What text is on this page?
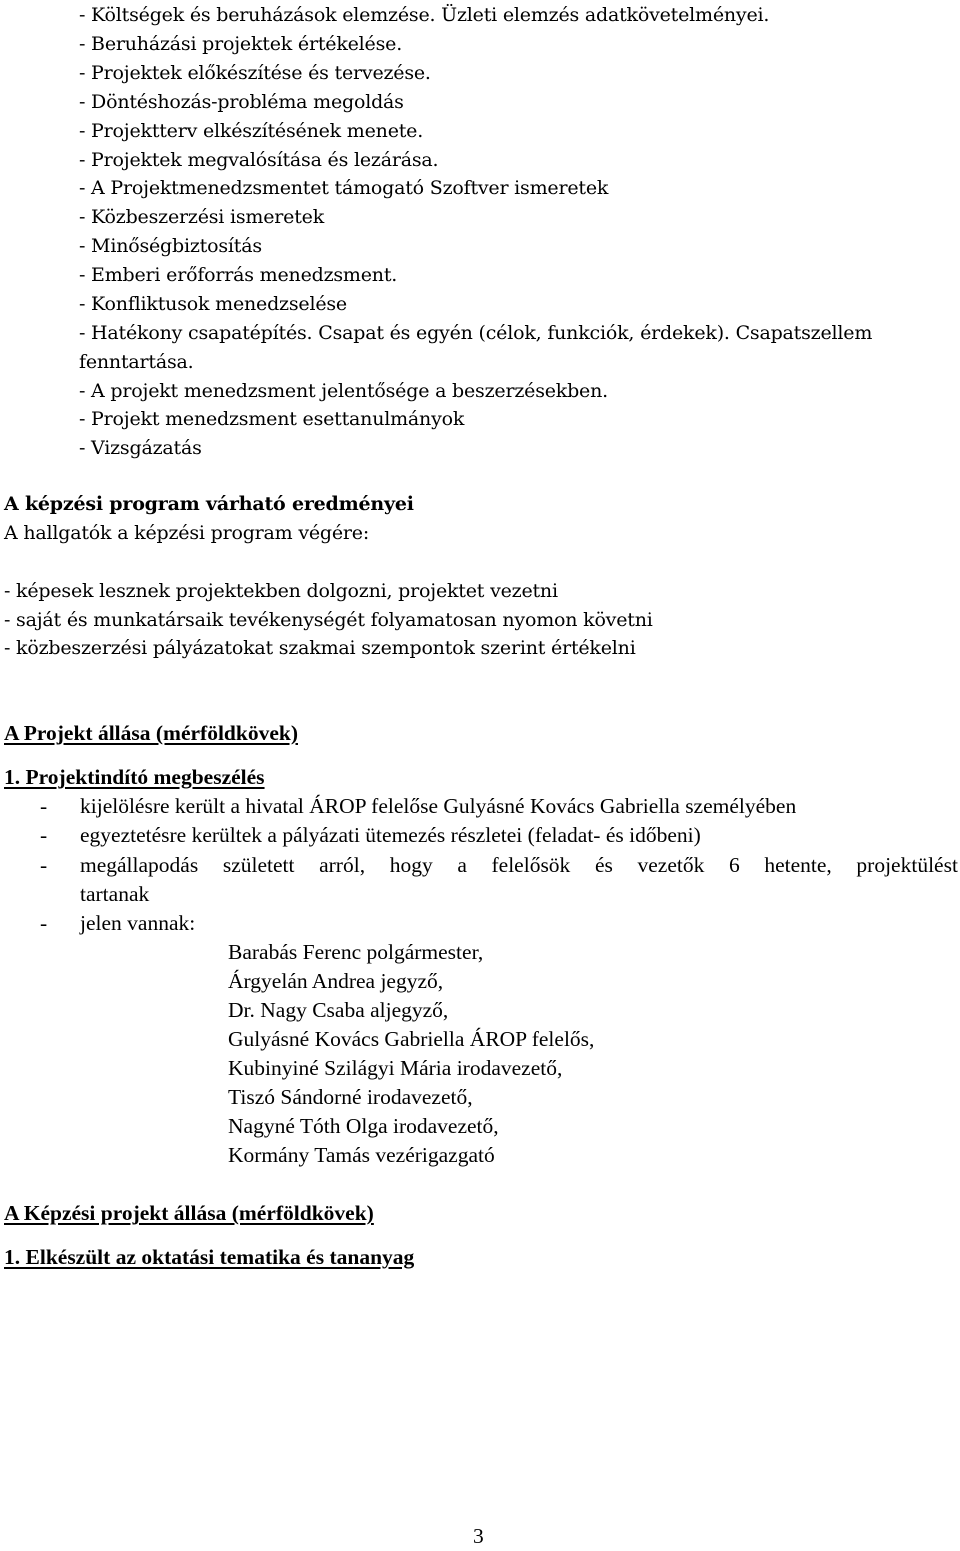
- Költségek és beruházások elemzése. Üzleti elemzés adatkövetelményei.

- Beruházási projektek értékelése.

- Projektek előkészítése és tervezése.

- Döntéshozás-probléma megoldás

- Projektterv elkészítésének menete.

- Projektek megvalósítása és lezárása.

- A Projektmenedzsmentet támogató Szoftver ismeretek

- Közbeszerzési ismeretek

- Minőségbiztosítás

- Emberi erőforrás menedzsment.

- Konfliktusok menedzselése

- Hatékony csapatépítés. Csapat és egyén (célok, funkciók, érdekek). Csapatszellem

fenntartása.

- A projekt menedzsment jelentősége a beszerzésekben.

- Projekt menedzsment esettanulmányok

- Vizsgázatás

A képzési program várható eredményei

A hallgatók a képzési program végére:

- képesek lesznek projektekben dolgozni, projektet vezetni

- saját és munkatársaik tevékenységét folyamatosan nyomon követni

- közbeszerzési pályázatokat szakmai szempontok szerint értékelni

A Projekt állása (mérföldkövek)

1. Projektindító megbeszélés

- kijelölésre került a hivatal ÁROP felelőse Gulyásné Kovács Gabriella személyében
- egyeztetésre kerültek a pályázati ütemezés részletei (feladat- és időbeni)
- megállapodás született arról, hogy a felelősök és vezetők 6 hetente, projektülést

tartanak

- jelen vannak:

Barabás Ferenc polgármester,

Árgyelán Andrea jegyző,

Dr. Nagy Csaba aljegyző,

Gulyásné Kovács Gabriella ÁROP felelős,

Kubinyiné Szilágyi Mária irodavezető,

Tiszó Sándorné irodavezető,

Nagyné Tóth Olga irodavezető,

Kormány Tamás vezérigazgató

A Képzési projekt állása (mérföldkövek)

1. Elkészült az oktatási tematika és tananyag

3
